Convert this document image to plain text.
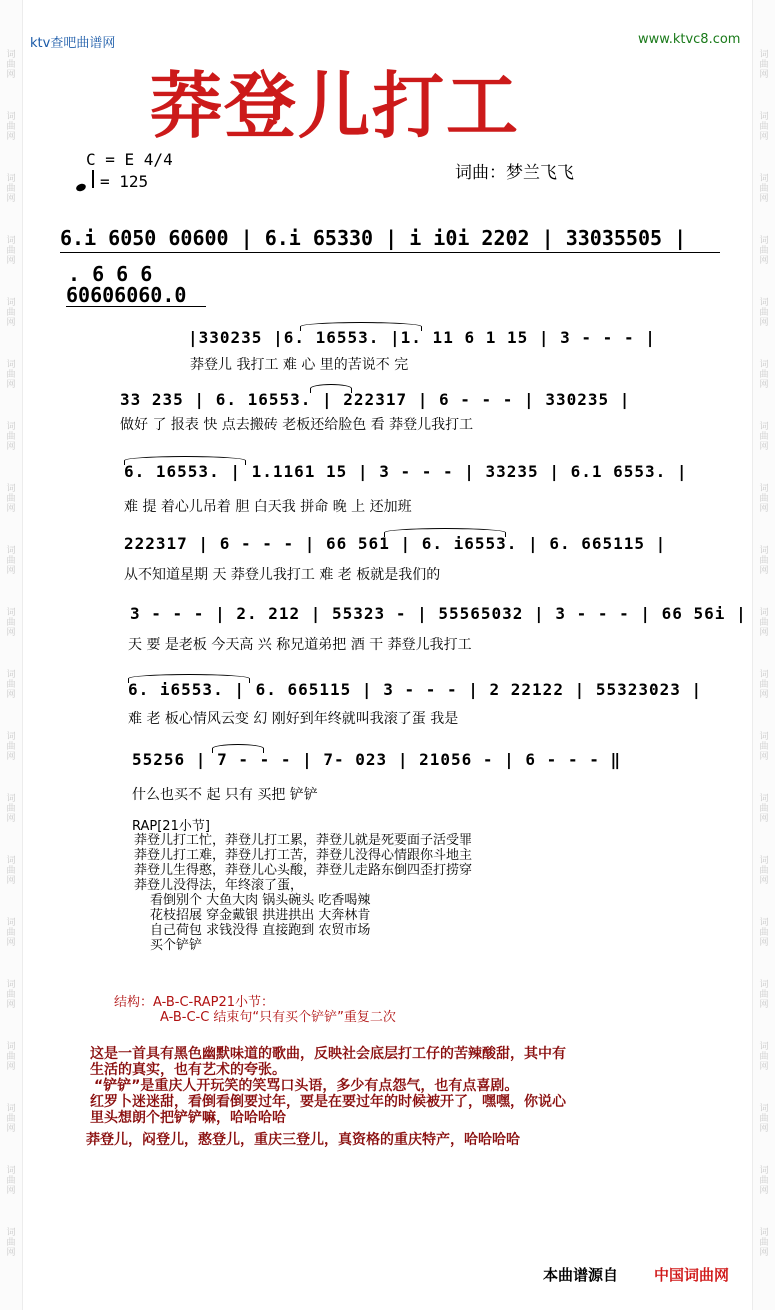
词
曲
网
词
曲
网
词
曲
网
词
曲
网
词
曲
网
词
曲
网
词
曲
网
词
曲
网
词
曲
网
词
曲
网
词
曲
网
词
曲
网
词
曲
网
词
曲
网
词
曲
网
词
曲
网
词
曲
网
词
曲
网
词
曲
网
词
曲
网
词
曲
网
词
曲
网
词
曲
网
词
曲
网
词
曲
网
词
曲
网
词
曲
网
词
曲
网
词
曲
网
词
曲
网
词
曲
网
词
曲
网
词
曲
网
词
曲
网
词
曲
网
词
曲
网
词
曲
网
词
曲
网
词
曲
网
词
曲
网
ktv查吧曲谱网	www.ktvc8.com
莽登儿打工
C = E 4/4
= 125	词曲：梦兰飞飞
6.i 6050 60600 | 6.i 65330 | i i0i 2202 | 33035505 |
. 6 6 6
60606060.0
|330235 |6. 16553. |1. 11 6 1 15 | 3 - - - |
莽登儿 我打工 难 心 里的苦说不 完
33 235 | 6. 16553. | 222317 | 6 - - - | 330235 |
做好 了 报表 快 点去搬砖 老板还给脸色 看 莽登儿我打工
6. 16553. | 1.1161 15 | 3 - - - | 33235 | 6.1 6553. |
难 提 着心儿吊着 胆 白天我 拼命 晚 上 还加班
222317 | 6 - - - | 66 561 | 6. i6553. | 6. 665115 |
从不知道星期 天 莽登儿我打工 难 老 板就是我们的
3 - - - | 2. 212 | 55323 - | 55565032 | 3 - - - | 66 56i |
天 要 是老板 今天高 兴 称兄道弟把 酒 干 莽登儿我打工
6. i6553. | 6. 665115 | 3 - - - | 2 22122 | 55323023 |
难 老 板心情风云变 幻 刚好到年终就叫我滚了蛋 我是
55256 | 7 - - - | 7- 023 | 21056 - | 6 - - - ‖
什么也买不 起 只有 买把 铲铲
RAP[21小节]
莽登儿打工忙，莽登儿打工累，莽登儿就是死要面子活受罪
莽登儿打工难，莽登儿打工苦，莽登儿没得心情跟你斗地主
莽登儿生得憨，莽登儿心头酸，莽登儿走路东倒四歪打捞穿
莽登儿没得法，年终滚了蛋，
看倒别个 大鱼大肉 锅头碗头 吃香喝辣
花枝招展 穿金戴银 拱进拱出 大奔林肯
自己荷包 求钱没得 直接跑到 农贸市场
买个铲铲
结构：A-B-C-RAP21小节：
A-B-C-C 结束句“只有买个铲铲”重复二次
这是一首具有黑色幽默味道的歌曲，反映社会底层打工仔的苦辣酸甜，其中有
生活的真实，也有艺术的夸张。
“铲铲”是重庆人开玩笑的笑骂口头语，多少有点怨气，也有点喜剧。
红罗卜迷迷甜，看倒看倒要过年，要是在要过年的时候被开了，嘿嘿，你说心
里头想朗个把铲铲嘛，哈哈哈哈
莽登儿，闷登儿，憨登儿，重庆三登儿，真资格的重庆特产，哈哈哈哈
本曲谱源自 中国词曲网
